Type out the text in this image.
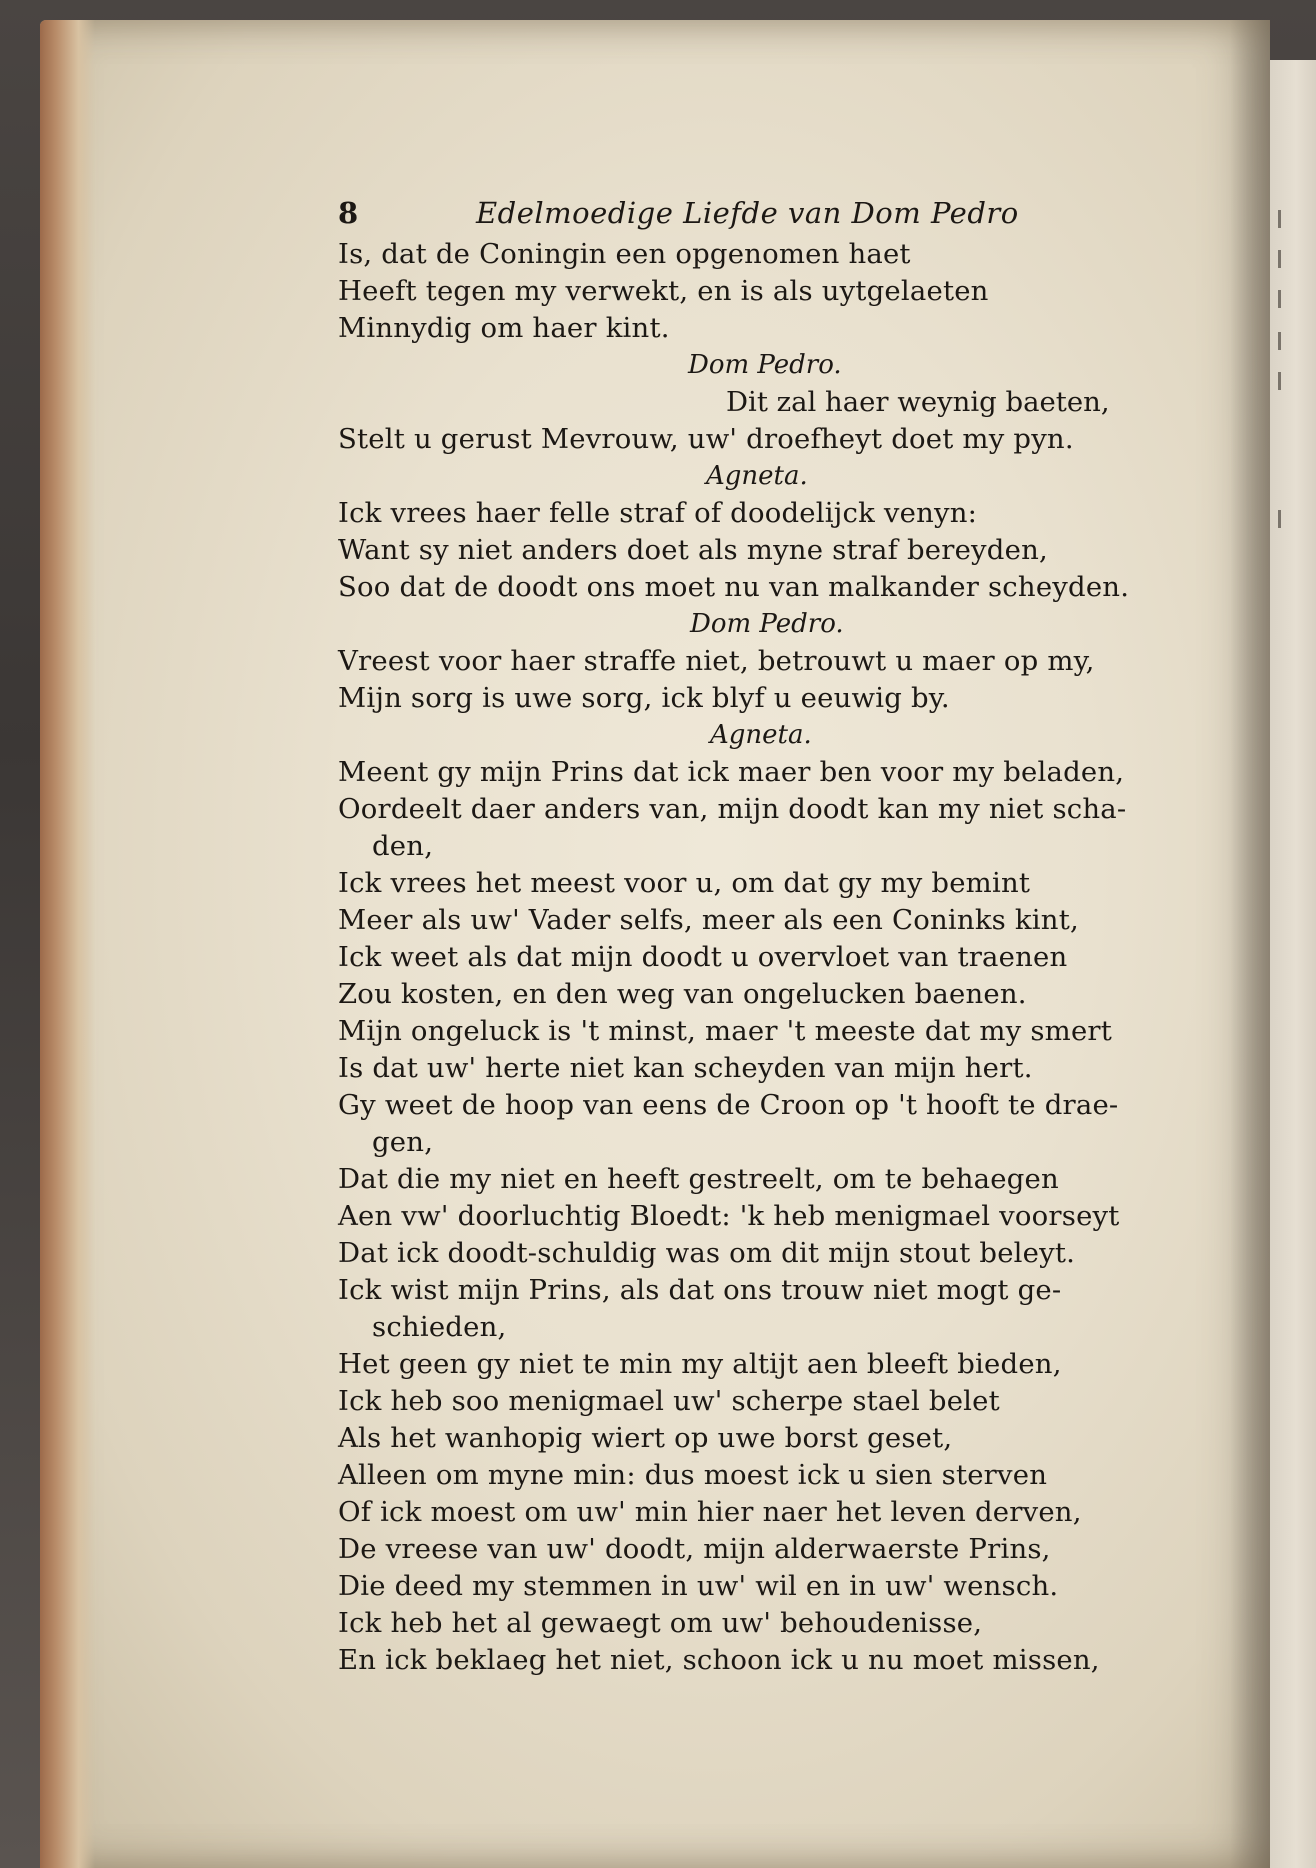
8	Edelmoedige Liefde van Dom Pedro
Is, dat de Coningin een opgenomen haet
Heeft tegen my verwekt, en is als uytgelaeten
Minnydig om haer kint.
Dom Pedro.
Dit zal haer weynig baeten,
Stelt u gerust Mevrouw, uw' droefheyt doet my pyn.
Agneta.
Ick vrees haer felle straf of doodelijck venyn:
Want sy niet anders doet als myne straf bereyden,
Soo dat de doodt ons moet nu van malkander scheyden.
Dom Pedro.
Vreest voor haer straffe niet, betrouwt u maer op my,
Mijn sorg is uwe sorg, ick blyf u eeuwig by.
Agneta.
Meent gy mijn Prins dat ick maer ben voor my beladen,
Oordeelt daer anders van, mijn doodt kan my niet scha-
den,
Ick vrees het meest voor u, om dat gy my bemint
Meer als uw' Vader selfs, meer als een Coninks kint,
Ick weet als dat mijn doodt u overvloet van traenen
Zou kosten, en den weg van ongelucken baenen.
Mijn ongeluck is 't minst, maer 't meeste dat my smert
Is dat uw' herte niet kan scheyden van mijn hert.
Gy weet de hoop van eens de Croon op 't hooft te drae-
gen,
Dat die my niet en heeft gestreelt, om te behaegen
Aen vw' doorluchtig Bloedt: 'k heb menigmael voorseyt
Dat ick doodt-schuldig was om dit mijn stout beleyt.
Ick wist mijn Prins, als dat ons trouw niet mogt ge-
schieden,
Het geen gy niet te min my altijt aen bleeft bieden,
Ick heb soo menigmael uw' scherpe stael belet
Als het wanhopig wiert op uwe borst geset,
Alleen om myne min: dus moest ick u sien sterven
Of ick moest om uw' min hier naer het leven derven,
De vreese van uw' doodt, mijn alderwaerste Prins,
Die deed my stemmen in uw' wil en in uw' wensch.
Ick heb het al gewaegt om uw' behoudenisse,
En ick beklaeg het niet, schoon ick u nu moet missen,
